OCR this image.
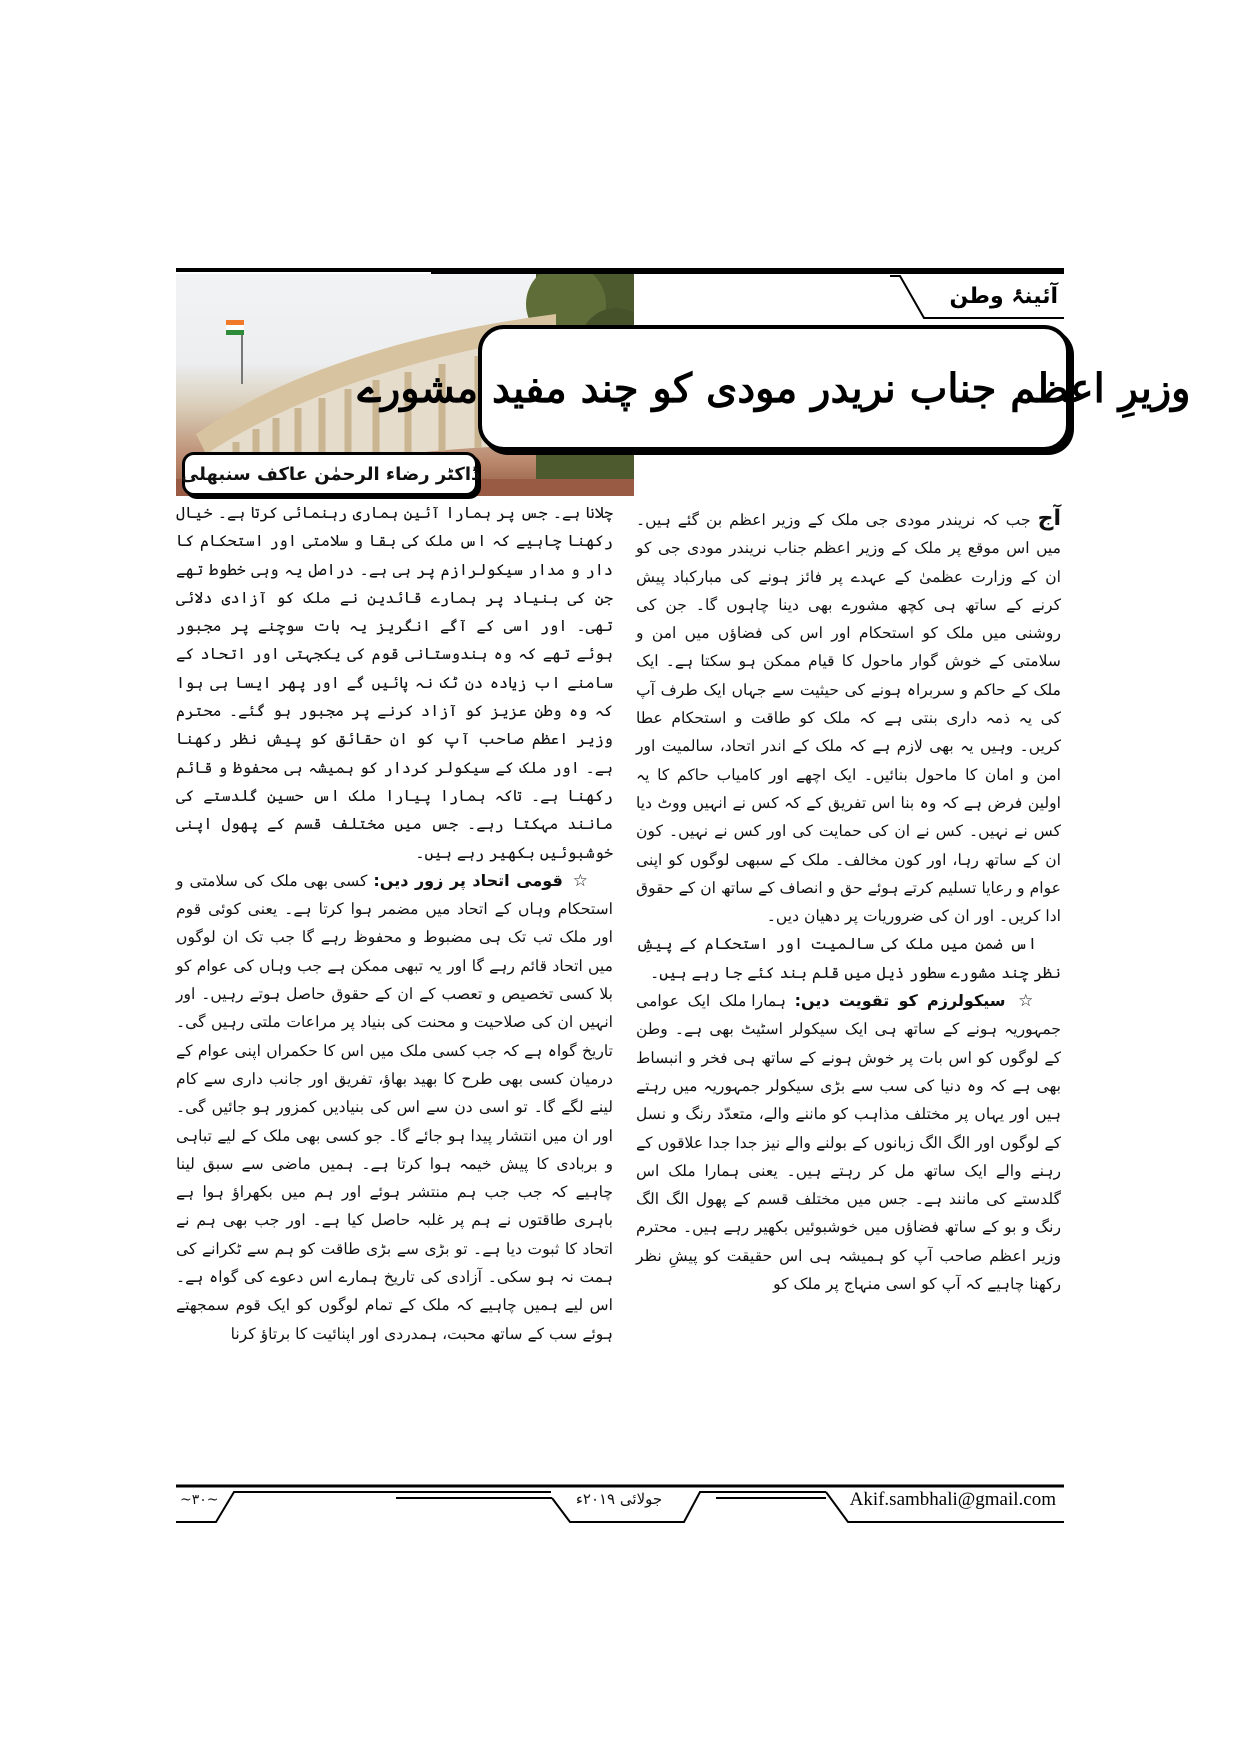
آئینۂ وطن
وزیرِ اعظم جناب نریدر مودی کو چند مفید مشورے
ڈاکٹر رضاء الرحمٰن عاکف سنبھلی

آج جب کہ نریندر مودی جی ملک کے وزیر اعظم بن گئے ہیں۔ میں اس موقع پر ملک کے وزیر اعظم جناب نریندر مودی جی کو ان کے وزارت عظمیٰ کے عہدے پر فائز ہونے کی مبارکباد پیش کرنے کے ساتھ ہی کچھ مشورے بھی دینا چاہوں گا۔ جن کی روشنی میں ملک کو استحکام اور اس کی فضاؤں میں امن و سلامتی کے خوش گوار ماحول کا قیام ممکن ہو سکتا ہے۔ ایک ملک کے حاکم و سربراہ ہونے کی حیثیت سے جہاں ایک طرف آپ کی یہ ذمہ داری بنتی ہے کہ ملک کو طاقت و استحکام عطا کریں۔ وہیں یہ بھی لازم ہے کہ ملک کے اندر اتحاد، سالمیت اور امن و امان کا ماحول بنائیں۔ ایک اچھے اور کامیاب حاکم کا یہ اولین فرض ہے کہ وہ بنا اس تفریق کے کہ کس نے انہیں ووٹ دیا کس نے نہیں۔ کس نے ان کی حمایت کی اور کس نے نہیں۔ کون ان کے ساتھ رہا، اور کون مخالف۔ ملک کے سبھی لوگوں کو اپنی عوام و رعایا تسلیم کرتے ہوئے حق و انصاف کے ساتھ ان کے حقوق ادا کریں۔ اور ان کی ضروریات پر دھیان دیں۔

اس ضمن میں ملک کی سالمیت اور استحکام کے پیشِ نظر چند مشورے سطور ذیل میں قلم بند کئے جا رہے ہیں۔

☆ سیکولرزم کو تقویت دیں: ہمارا ملک ایک عوامی جمہوریہ ہونے کے ساتھ ہی ایک سیکولر اسٹیٹ بھی ہے۔ وطن کے لوگوں کو اس بات پر خوش ہونے کے ساتھ ہی فخر و انبساط بھی ہے کہ وہ دنیا کی سب سے بڑی سیکولر جمہوریہ میں رہتے ہیں اور یہاں پر مختلف مذاہب کو ماننے والے، متعدّد رنگ و نسل کے لوگوں اور الگ الگ زبانوں کے بولنے والے نیز جدا جدا علاقوں کے رہنے والے ایک ساتھ مل کر رہتے ہیں۔ یعنی ہمارا ملک اس گلدستے کی مانند ہے۔ جس میں مختلف قسم کے پھول الگ الگ رنگ و بو کے ساتھ فضاؤں میں خوشبوئیں بکھیر رہے ہیں۔ محترم وزیر اعظم صاحب آپ کو ہمیشہ ہی اس حقیقت کو پیشِ نظر رکھنا چاہیے کہ آپ کو اسی منہاج پر ملک کو

چلانا ہے۔ جس پر ہمارا آئین ہماری رہنمائی کرتا ہے۔ خیال رکھنا چاہیے کہ اس ملک کی بقا و سلامتی اور استحکام کا دار و مدار سیکولرازم پر ہی ہے۔ دراصل یہ وہی خطوط تھے جن کی بنیاد پر ہمارے قائدین نے ملک کو آزادی دلائی تھی۔ اور اسی کے آگے انگریز یہ بات سوچنے پر مجبور ہوئے تھے کہ وہ ہندوستانی قوم کی یکجہتی اور اتحاد کے سامنے اب زیادہ دن ٹک نہ پائیں گے اور پھر ایسا ہی ہوا کہ وہ وطن عزیز کو آزاد کرنے پر مجبور ہو گئے۔ محترم وزیر اعظم صاحب آپ کو ان حقائق کو پیش نظر رکھنا ہے۔ اور ملک کے سیکولر کردار کو ہمیشہ ہی محفوظ و قائم رکھنا ہے۔ تاکہ ہمارا پیارا ملک اس حسین گلدستے کی مانند مہکتا رہے۔ جس میں مختلف قسم کے پھول اپنی خوشبوئیں بکھیر رہے ہیں۔

☆ قومی اتحاد پر زور دیں: کسی بھی ملک کی سلامتی و استحکام وہاں کے اتحاد میں مضمر ہوا کرتا ہے۔ یعنی کوئی قوم اور ملک تب تک ہی مضبوط و محفوظ رہے گا جب تک ان لوگوں میں اتحاد قائم رہے گا اور یہ تبھی ممکن ہے جب وہاں کی عوام کو بلا کسی تخصیص و تعصب کے ان کے حقوق حاصل ہوتے رہیں۔ اور انہیں ان کی صلاحیت و محنت کی بنیاد پر مراعات ملتی رہیں گی۔ تاریخ گواہ ہے کہ جب کسی ملک میں اس کا حکمراں اپنی عوام کے درمیان کسی بھی طرح کا بھید بھاؤ، تفریق اور جانب داری سے کام لینے لگے گا۔ تو اسی دن سے اس کی بنیادیں کمزور ہو جائیں گی۔ اور ان میں انتشار پیدا ہو جائے گا۔ جو کسی بھی ملک کے لیے تباہی و بربادی کا پیش خیمہ ہوا کرتا ہے۔ ہمیں ماضی سے سبق لینا چاہیے کہ جب جب ہم منتشر ہوئے اور ہم میں بکھراؤ ہوا ہے باہری طاقتوں نے ہم پر غلبہ حاصل کیا ہے۔ اور جب بھی ہم نے اتحاد کا ثبوت دیا ہے۔ تو بڑی سے بڑی طاقت کو ہم سے ٹکرانے کی ہمت نہ ہو سکی۔ آزادی کی تاریخ ہمارے اس دعوے کی گواہ ہے۔ اس لیے ہمیں چاہیے کہ ملک کے تمام لوگوں کو ایک قوم سمجھتے ہوئے سب کے ساتھ محبت، ہمدردی اور اپنائیت کا برتاؤ کرنا

~۳۰~	جولائی ۲۰۱۹ء	Akif.sambhali@gmail.com
